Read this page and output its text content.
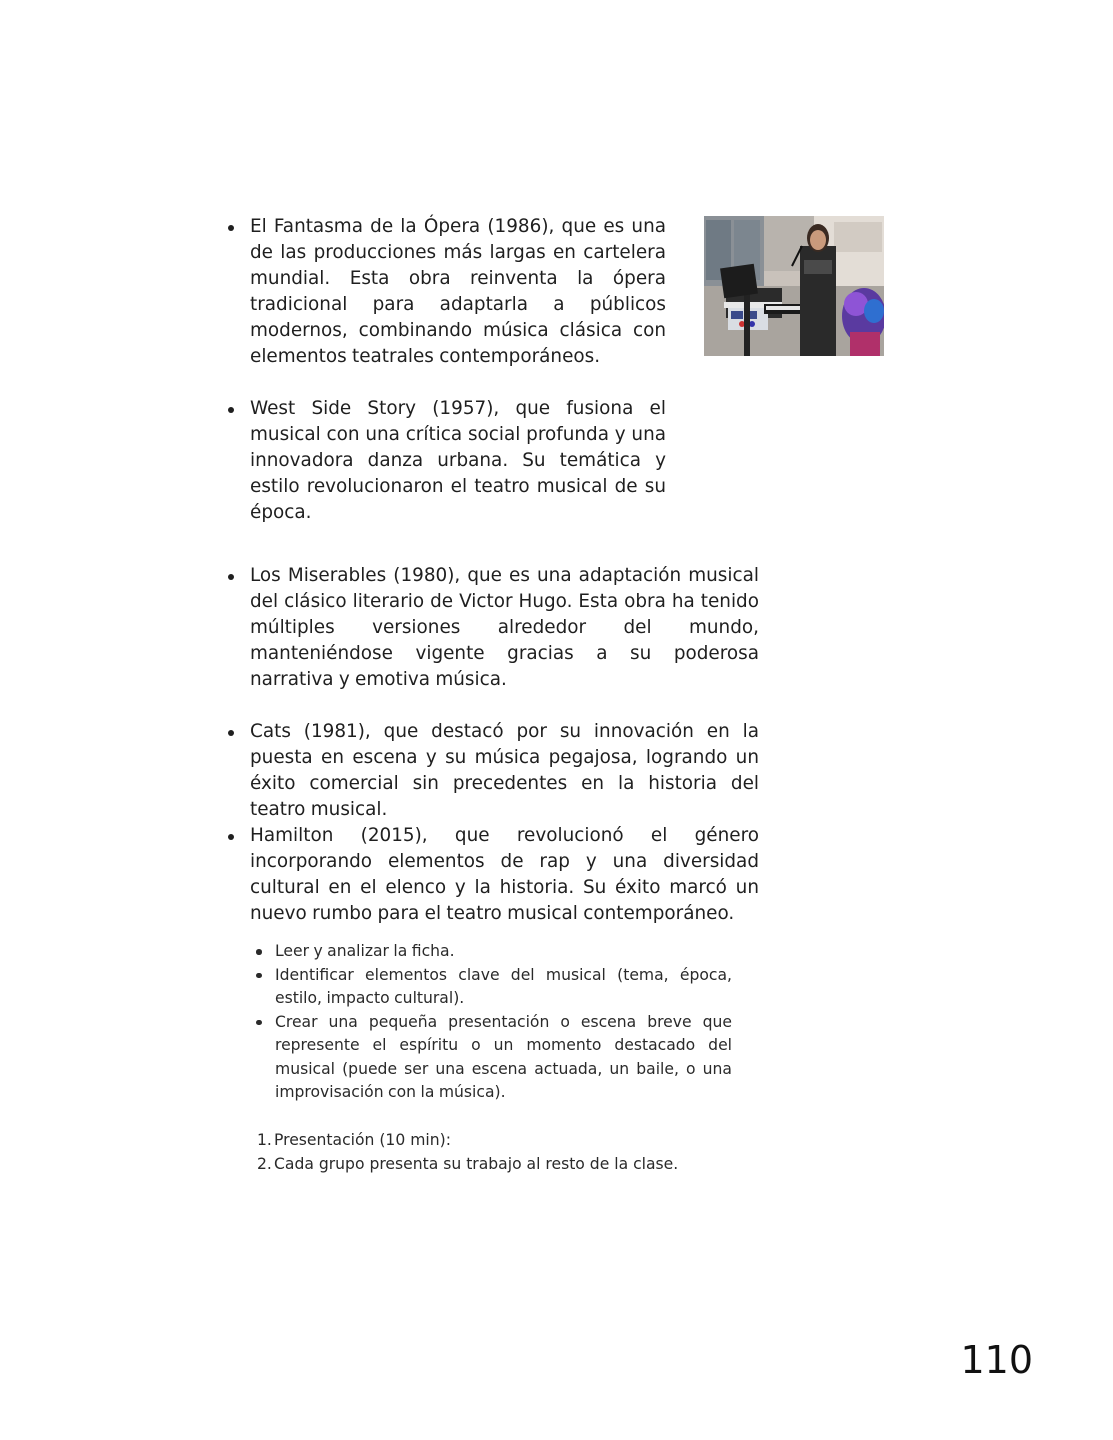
El Fantasma de la Ópera (1986), que es una de las producciones más largas en cartelera mundial. Esta obra reinventa la ópera tradicional para adaptarla a públicos modernos, combinando música clásica con elementos teatrales contemporáneos.
West Side Story (1957), que fusiona el musical con una crítica social profunda y una innovadora danza urbana. Su temática y estilo revolucionaron el teatro musical de su época.
Los Miserables (1980), que es una adaptación musical del clásico literario de Victor Hugo. Esta obra ha tenido múltiples versiones alrededor del mundo, manteniéndose vigente gracias a su poderosa narrativa y emotiva música.
Cats (1981), que destacó por su innovación en la puesta en escena y su música pegajosa, logrando un éxito comercial sin precedentes en la historia del teatro musical.
Hamilton (2015), que revolucionó el género incorporando elementos de rap y una diversidad cultural en el elenco y la historia. Su éxito marcó un nuevo rumbo para el teatro musical contemporáneo.
Leer y analizar la ficha.
Identificar elementos clave del musical (tema, época, estilo, impacto cultural).
Crear una pequeña presentación o escena breve que represente el espíritu o un momento destacado del musical (puede ser una escena actuada, un baile, o una improvisación con la música).
1. Presentación (10 min):
2. Cada grupo presenta su trabajo al resto de la clase.
110
